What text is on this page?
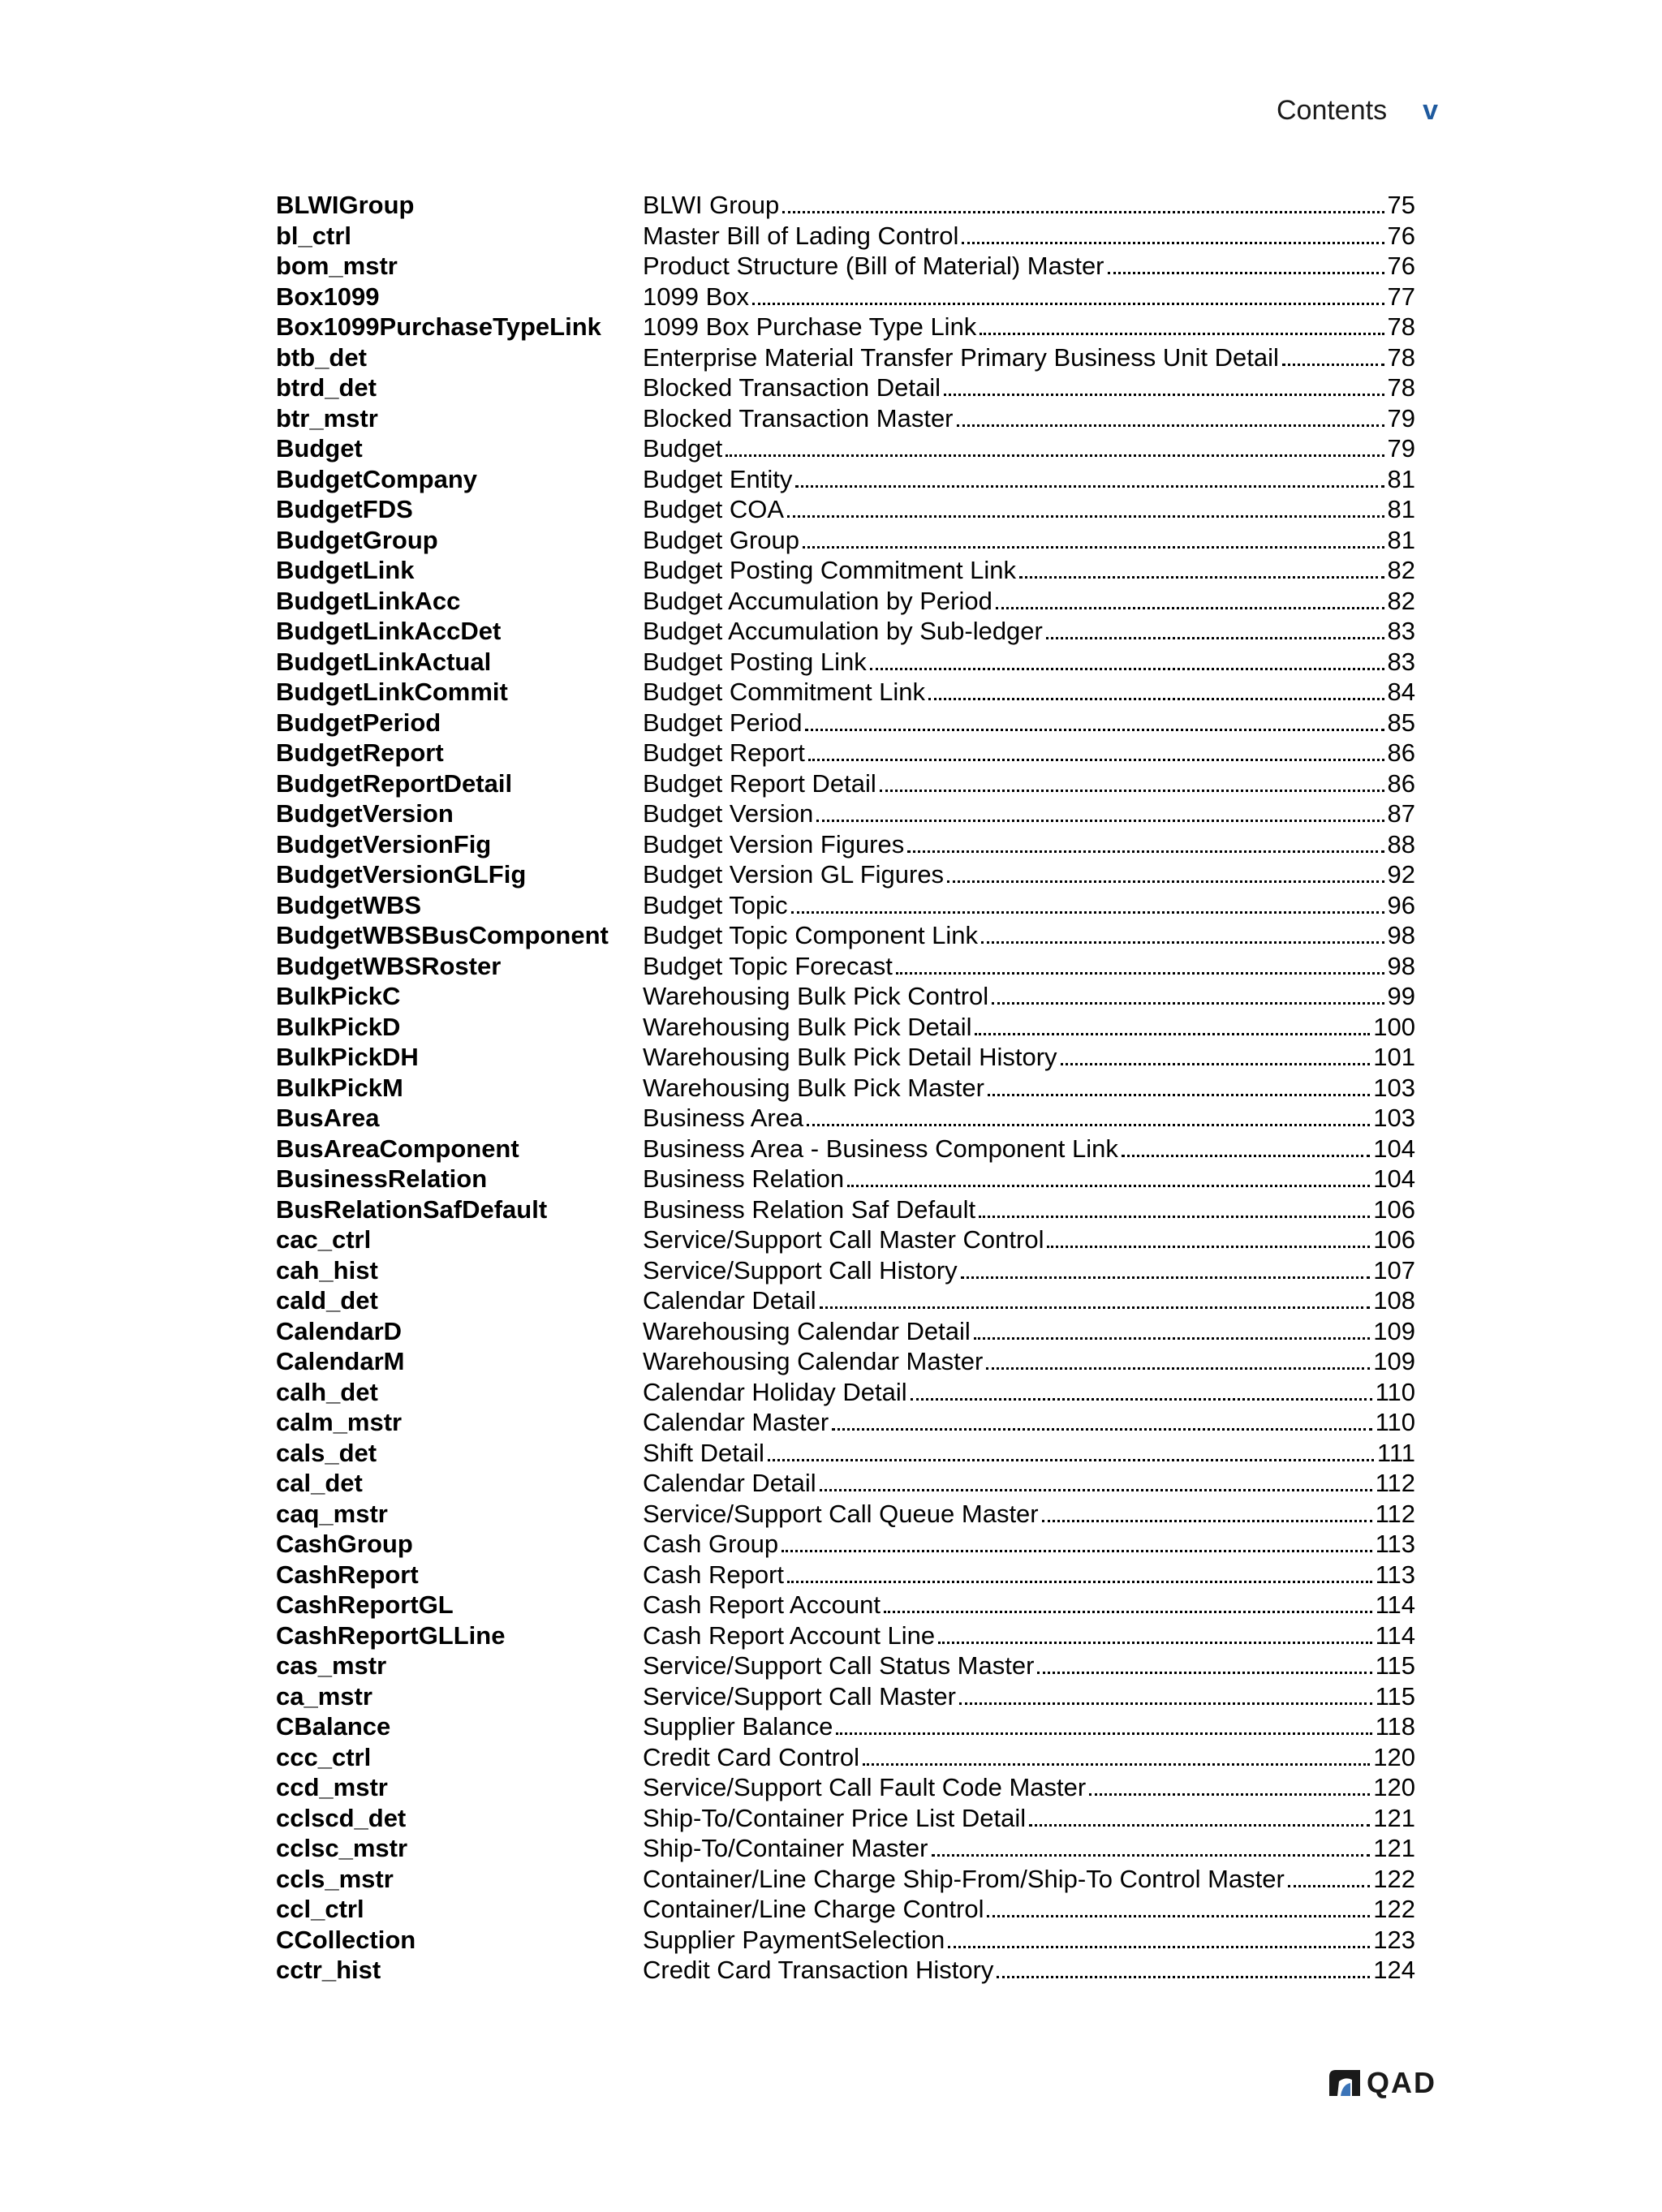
Contents v
BLWIGroup	BLWI Group	75
bl_ctrl	Master Bill of Lading Control	76
bom_mstr	Product Structure (Bill of Material) Master	76
Box1099	1099 Box	77
Box1099PurchaseTypeLink	1099 Box Purchase Type Link	78
btb_det	Enterprise Material Transfer Primary Business Unit Detail	78
btrd_det	Blocked Transaction Detail	78
btr_mstr	Blocked Transaction Master	79
Budget	Budget	79
BudgetCompany	Budget Entity	81
BudgetFDS	Budget COA	81
BudgetGroup	Budget Group	81
BudgetLink	Budget Posting Commitment Link	82
BudgetLinkAcc	Budget Accumulation by Period	82
BudgetLinkAccDet	Budget Accumulation by Sub-ledger	83
BudgetLinkActual	Budget Posting Link	83
BudgetLinkCommit	Budget Commitment Link	84
BudgetPeriod	Budget Period	85
BudgetReport	Budget Report	86
BudgetReportDetail	Budget Report Detail	86
BudgetVersion	Budget Version	87
BudgetVersionFig	Budget Version Figures	88
BudgetVersionGLFig	Budget Version GL Figures	92
BudgetWBS	Budget Topic	96
BudgetWBSBusComponent	Budget Topic Component Link	98
BudgetWBSRoster	Budget Topic Forecast	98
BulkPickC	Warehousing Bulk Pick Control	99
BulkPickD	Warehousing Bulk Pick Detail	100
BulkPickDH	Warehousing Bulk Pick Detail History	101
BulkPickM	Warehousing Bulk Pick Master	103
BusArea	Business Area	103
BusAreaComponent	Business Area - Business Component Link	104
BusinessRelation	Business Relation	104
BusRelationSafDefault	Business Relation Saf Default	106
cac_ctrl	Service/Support Call Master Control	106
cah_hist	Service/Support Call History	107
cald_det	Calendar Detail	108
CalendarD	Warehousing Calendar Detail	109
CalendarM	Warehousing Calendar Master	109
calh_det	Calendar Holiday Detail	110
calm_mstr	Calendar Master	110
cals_det	Shift Detail	111
cal_det	Calendar Detail	112
caq_mstr	Service/Support Call Queue Master	112
CashGroup	Cash Group	113
CashReport	Cash Report	113
CashReportGL	Cash Report Account	114
CashReportGLLine	Cash Report Account Line	114
cas_mstr	Service/Support Call Status Master	115
ca_mstr	Service/Support Call Master	115
CBalance	Supplier Balance	118
ccc_ctrl	Credit Card Control	120
ccd_mstr	Service/Support Call Fault Code Master	120
cclscd_det	Ship-To/Container Price List Detail	121
cclsc_mstr	Ship-To/Container Master	121
ccls_mstr	Container/Line Charge Ship-From/Ship-To Control Master	122
ccl_ctrl	Container/Line Charge Control	122
CCollection	Supplier PaymentSelection	123
cctr_hist	Credit Card Transaction History	124
QAD
